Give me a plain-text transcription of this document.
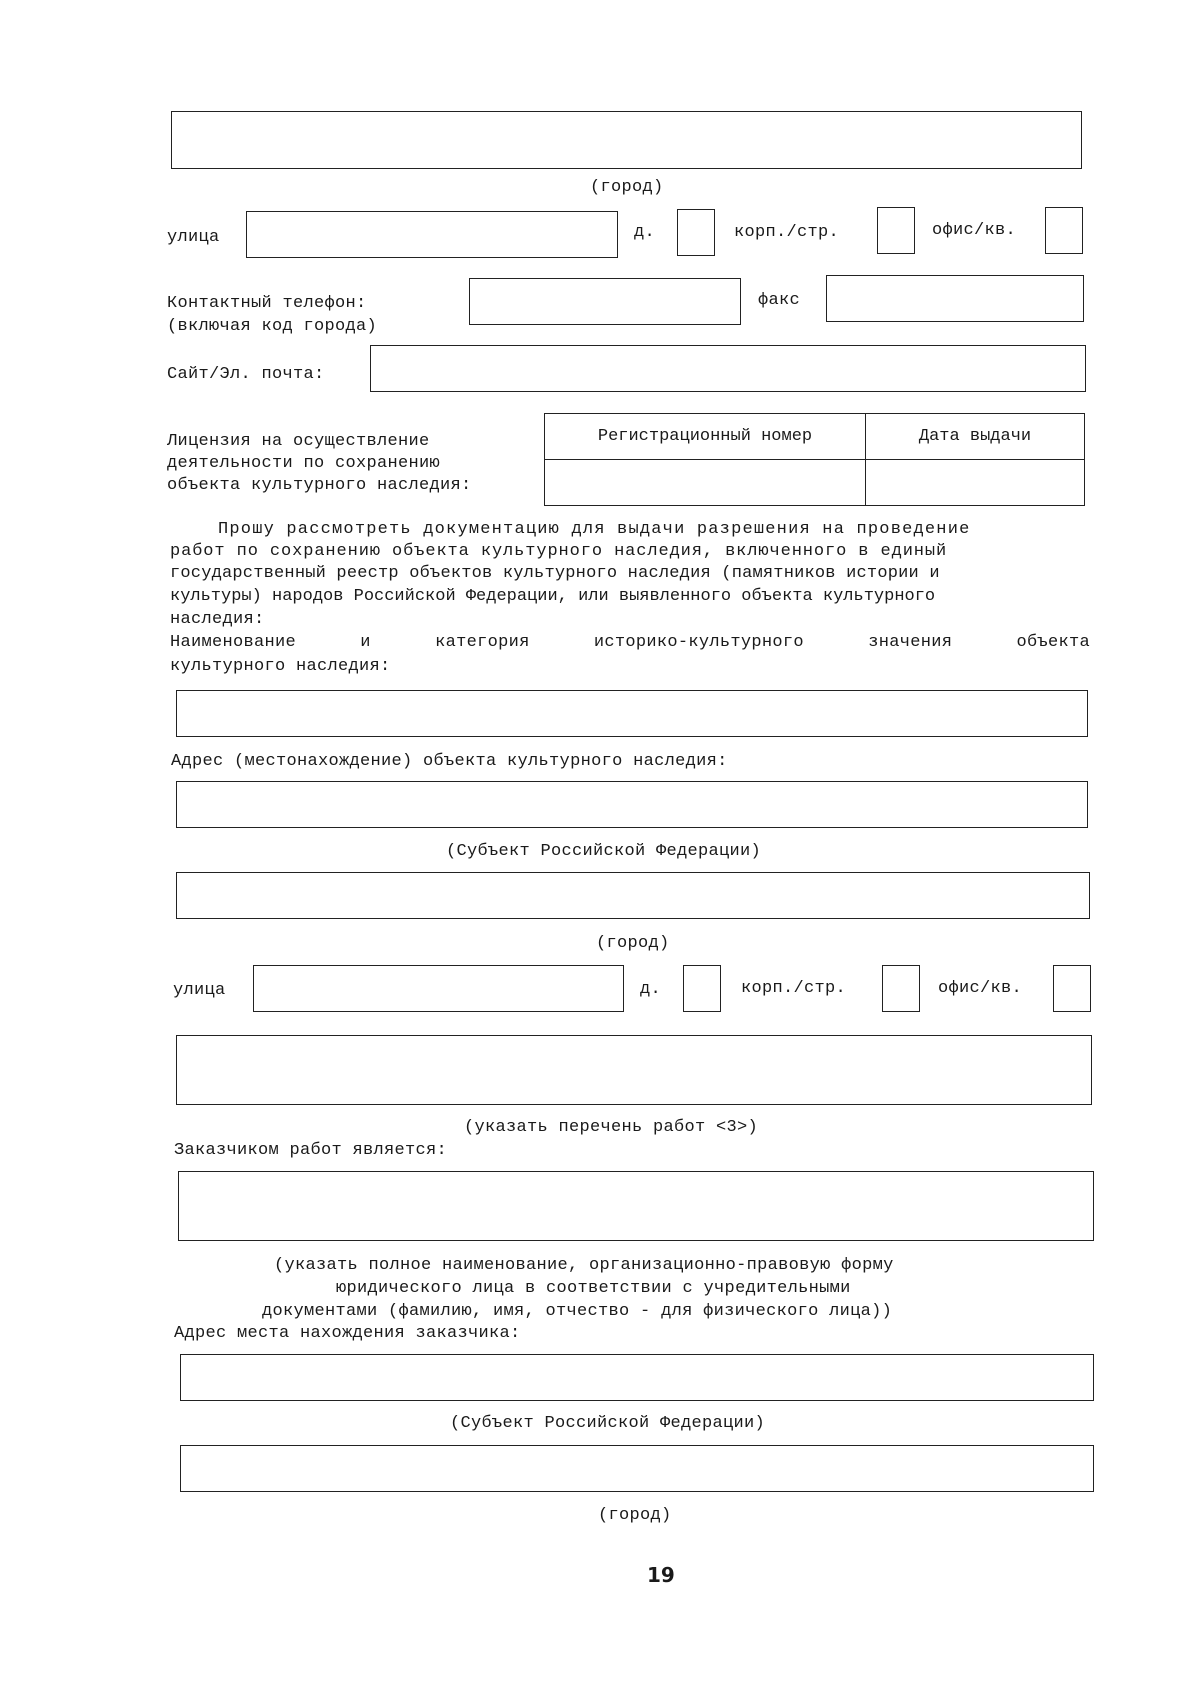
(город)
улица	д.	корп./стр.	офис/кв.
Контактный телефон:
(включая код города)
факс
Сайт/Эл. почта:
Лицензия на осуществление
деятельности по сохранению
объекта культурного наследия:
Регистрационный номер	Дата выдачи

Прошу рассмотреть документацию для выдачи разрешения на проведение
работ по сохранению объекта культурного наследия, включенного в единый
государственный реестр объектов культурного наследия (памятников истории и
культуры) народов Российской Федерации, или выявленного объекта культурного
наследия:
Наименование и категория историко-культурного значения объекта
культурного наследия:
Адрес (местонахождение) объекта культурного наследия:
(Субъект Российской Федерации)
(город)
улица	д.	корп./стр.	офис/кв.
(указать перечень работ <3>)
Заказчиком работ является:
(указать полное наименование, организационно-правовую форму
юридического лица в соответствии с учредительными
документами (фамилию, имя, отчество - для физического лица))
Адрес места нахождения заказчика:
(Субъект Российской Федерации)
(город)
19
